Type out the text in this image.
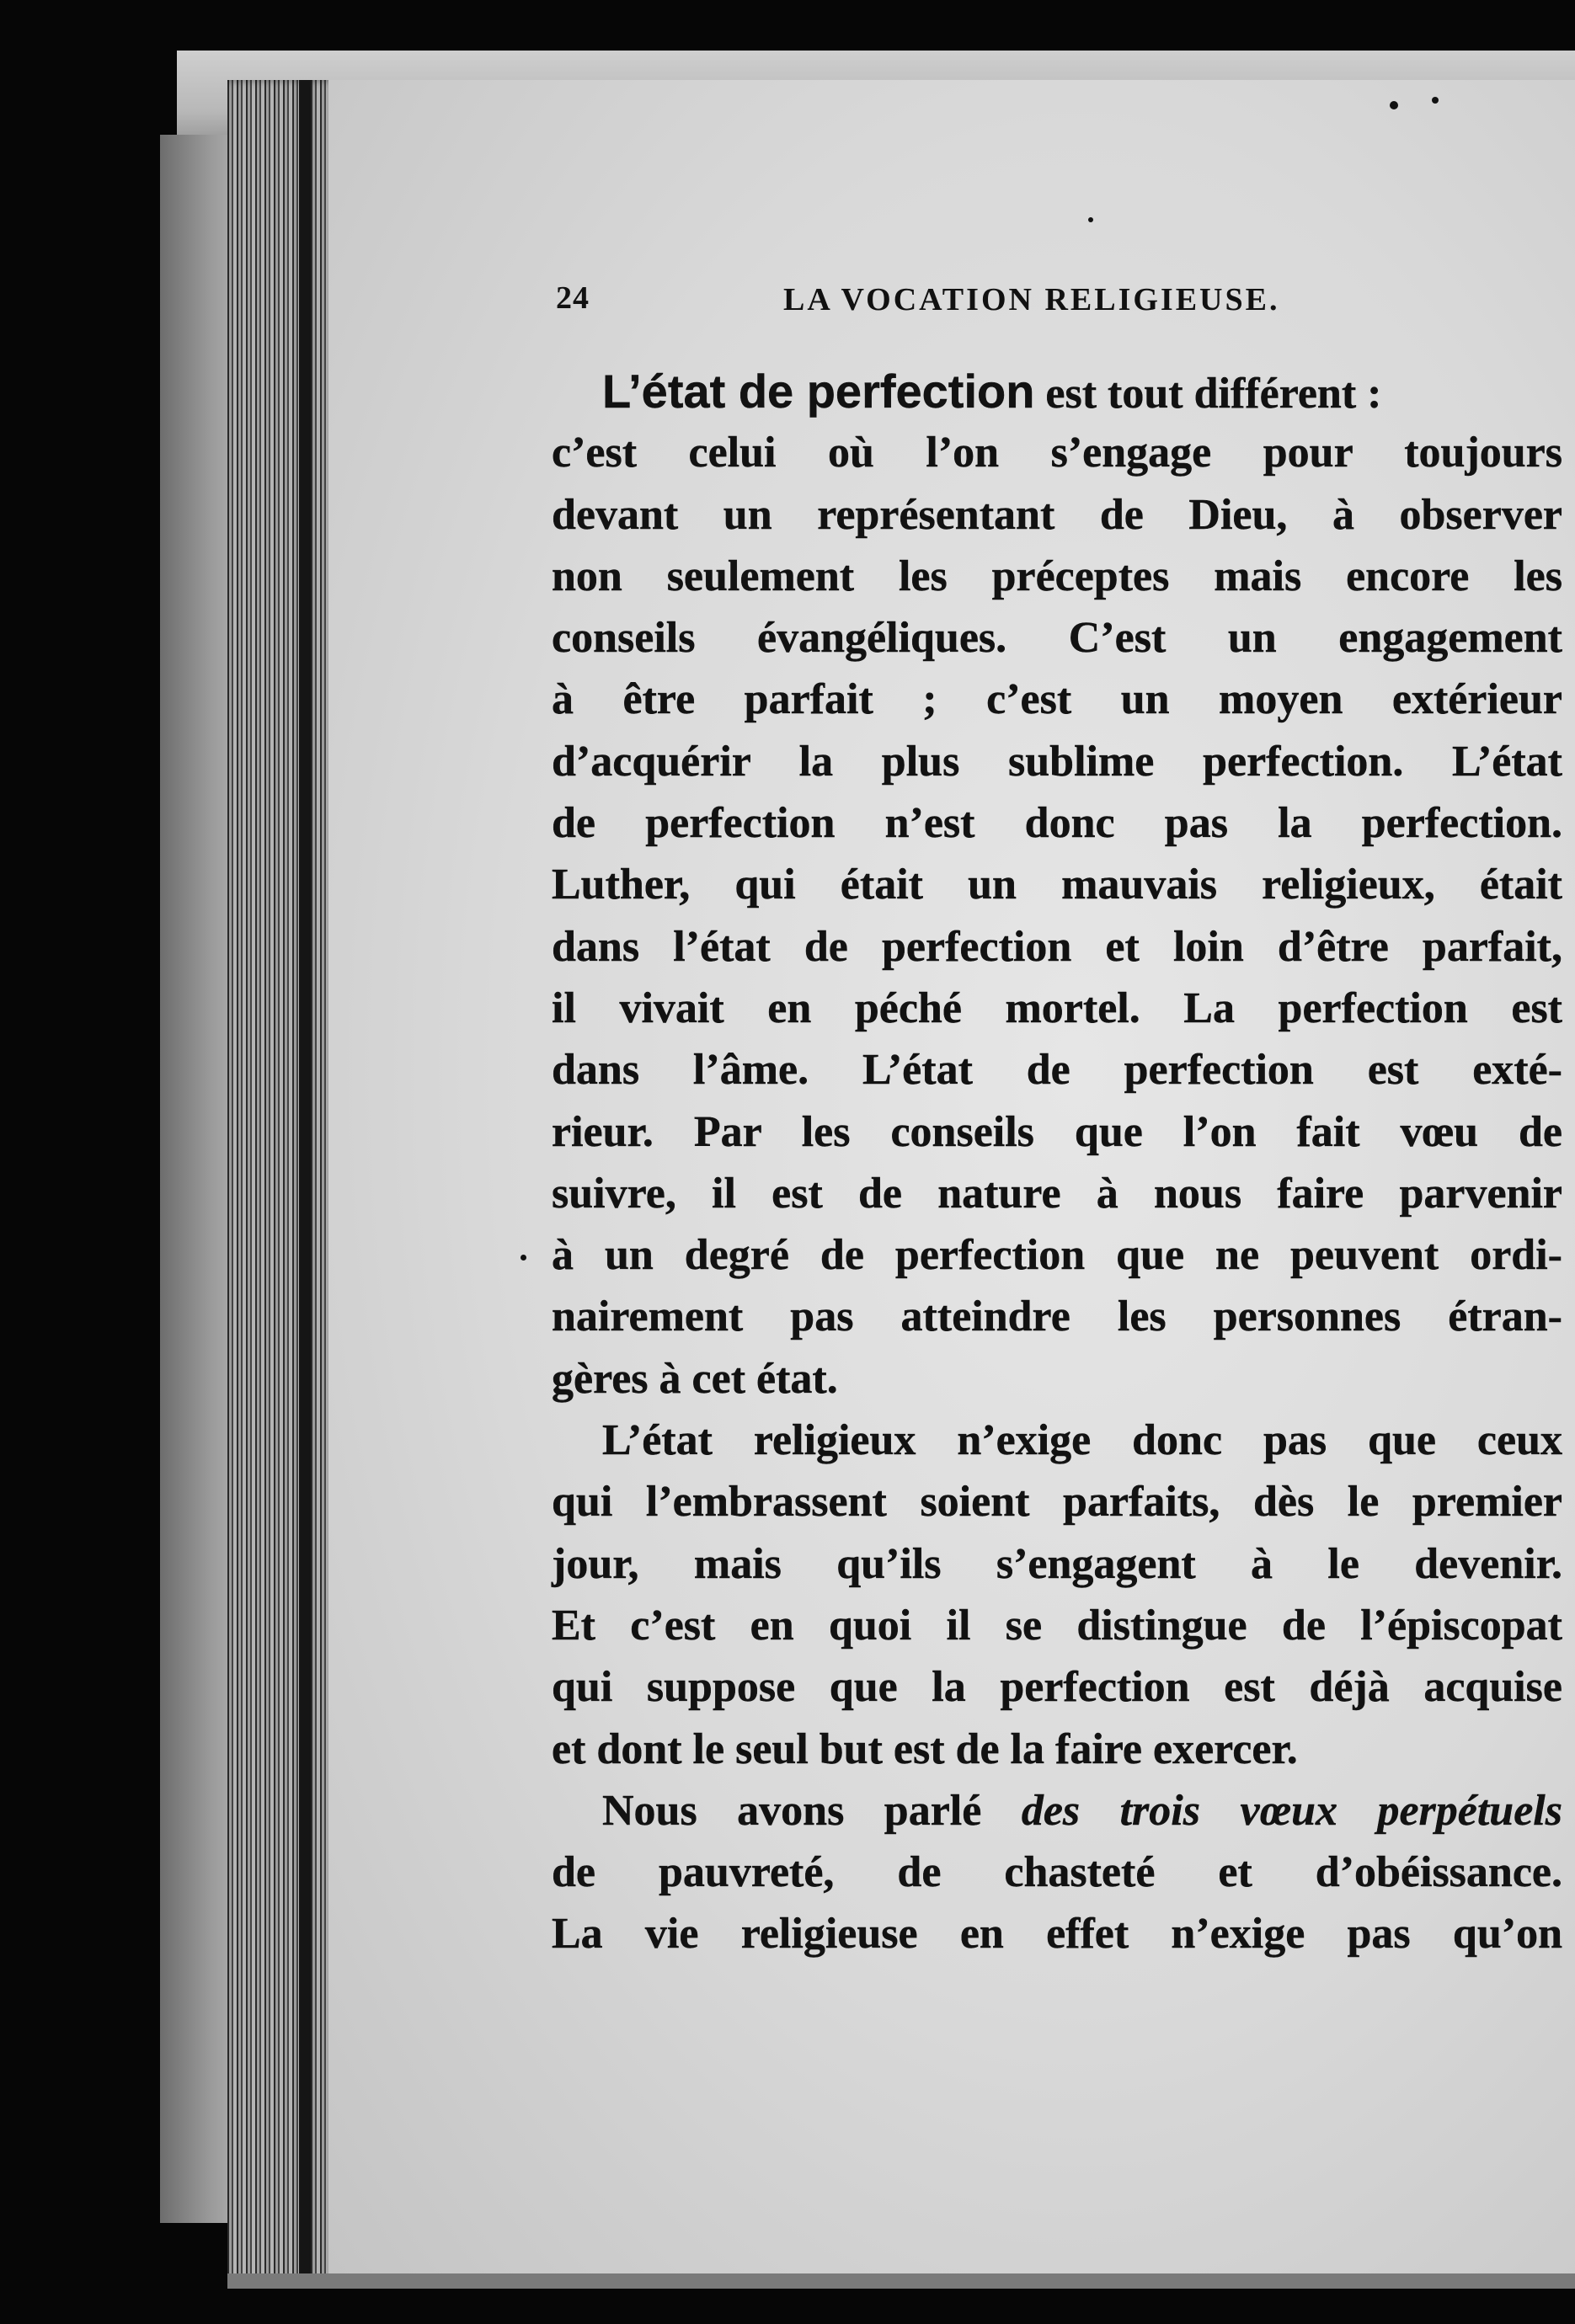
24	LA VOCATION RELIGIEUSE.
L’état de perfection est tout différent :
c’est celui où l’on s’engage pour toujours
devant un représentant de Dieu, à observer
non seulement les préceptes mais encore les
conseils évangéliques. C’est un engagement
à être parfait ; c’est un moyen extérieur
d’acquérir la plus sublime perfection. L’état
de perfection n’est donc pas la perfection.
Luther, qui était un mauvais religieux, était
dans l’état de perfection et loin d’être parfait,
il vivait en péché mortel. La perfection est
dans l’âme. L’état de perfection est exté-
rieur. Par les conseils que l’on fait vœu de
suivre, il est de nature à nous faire parvenir
à un degré de perfection que ne peuvent ordi-
nairement pas atteindre les personnes étran-
gères à cet état.
L’état religieux n’exige donc pas que ceux
qui l’embrassent soient parfaits, dès le premier
jour, mais qu’ils s’engagent à le devenir.
Et c’est en quoi il se distingue de l’épiscopat
qui suppose que la perfection est déjà acquise
et dont le seul but est de la faire exercer.
Nous avons parlé des trois vœux perpétuels
de pauvreté, de chasteté et d’obéissance.
La vie religieuse en effet n’exige pas qu’on
